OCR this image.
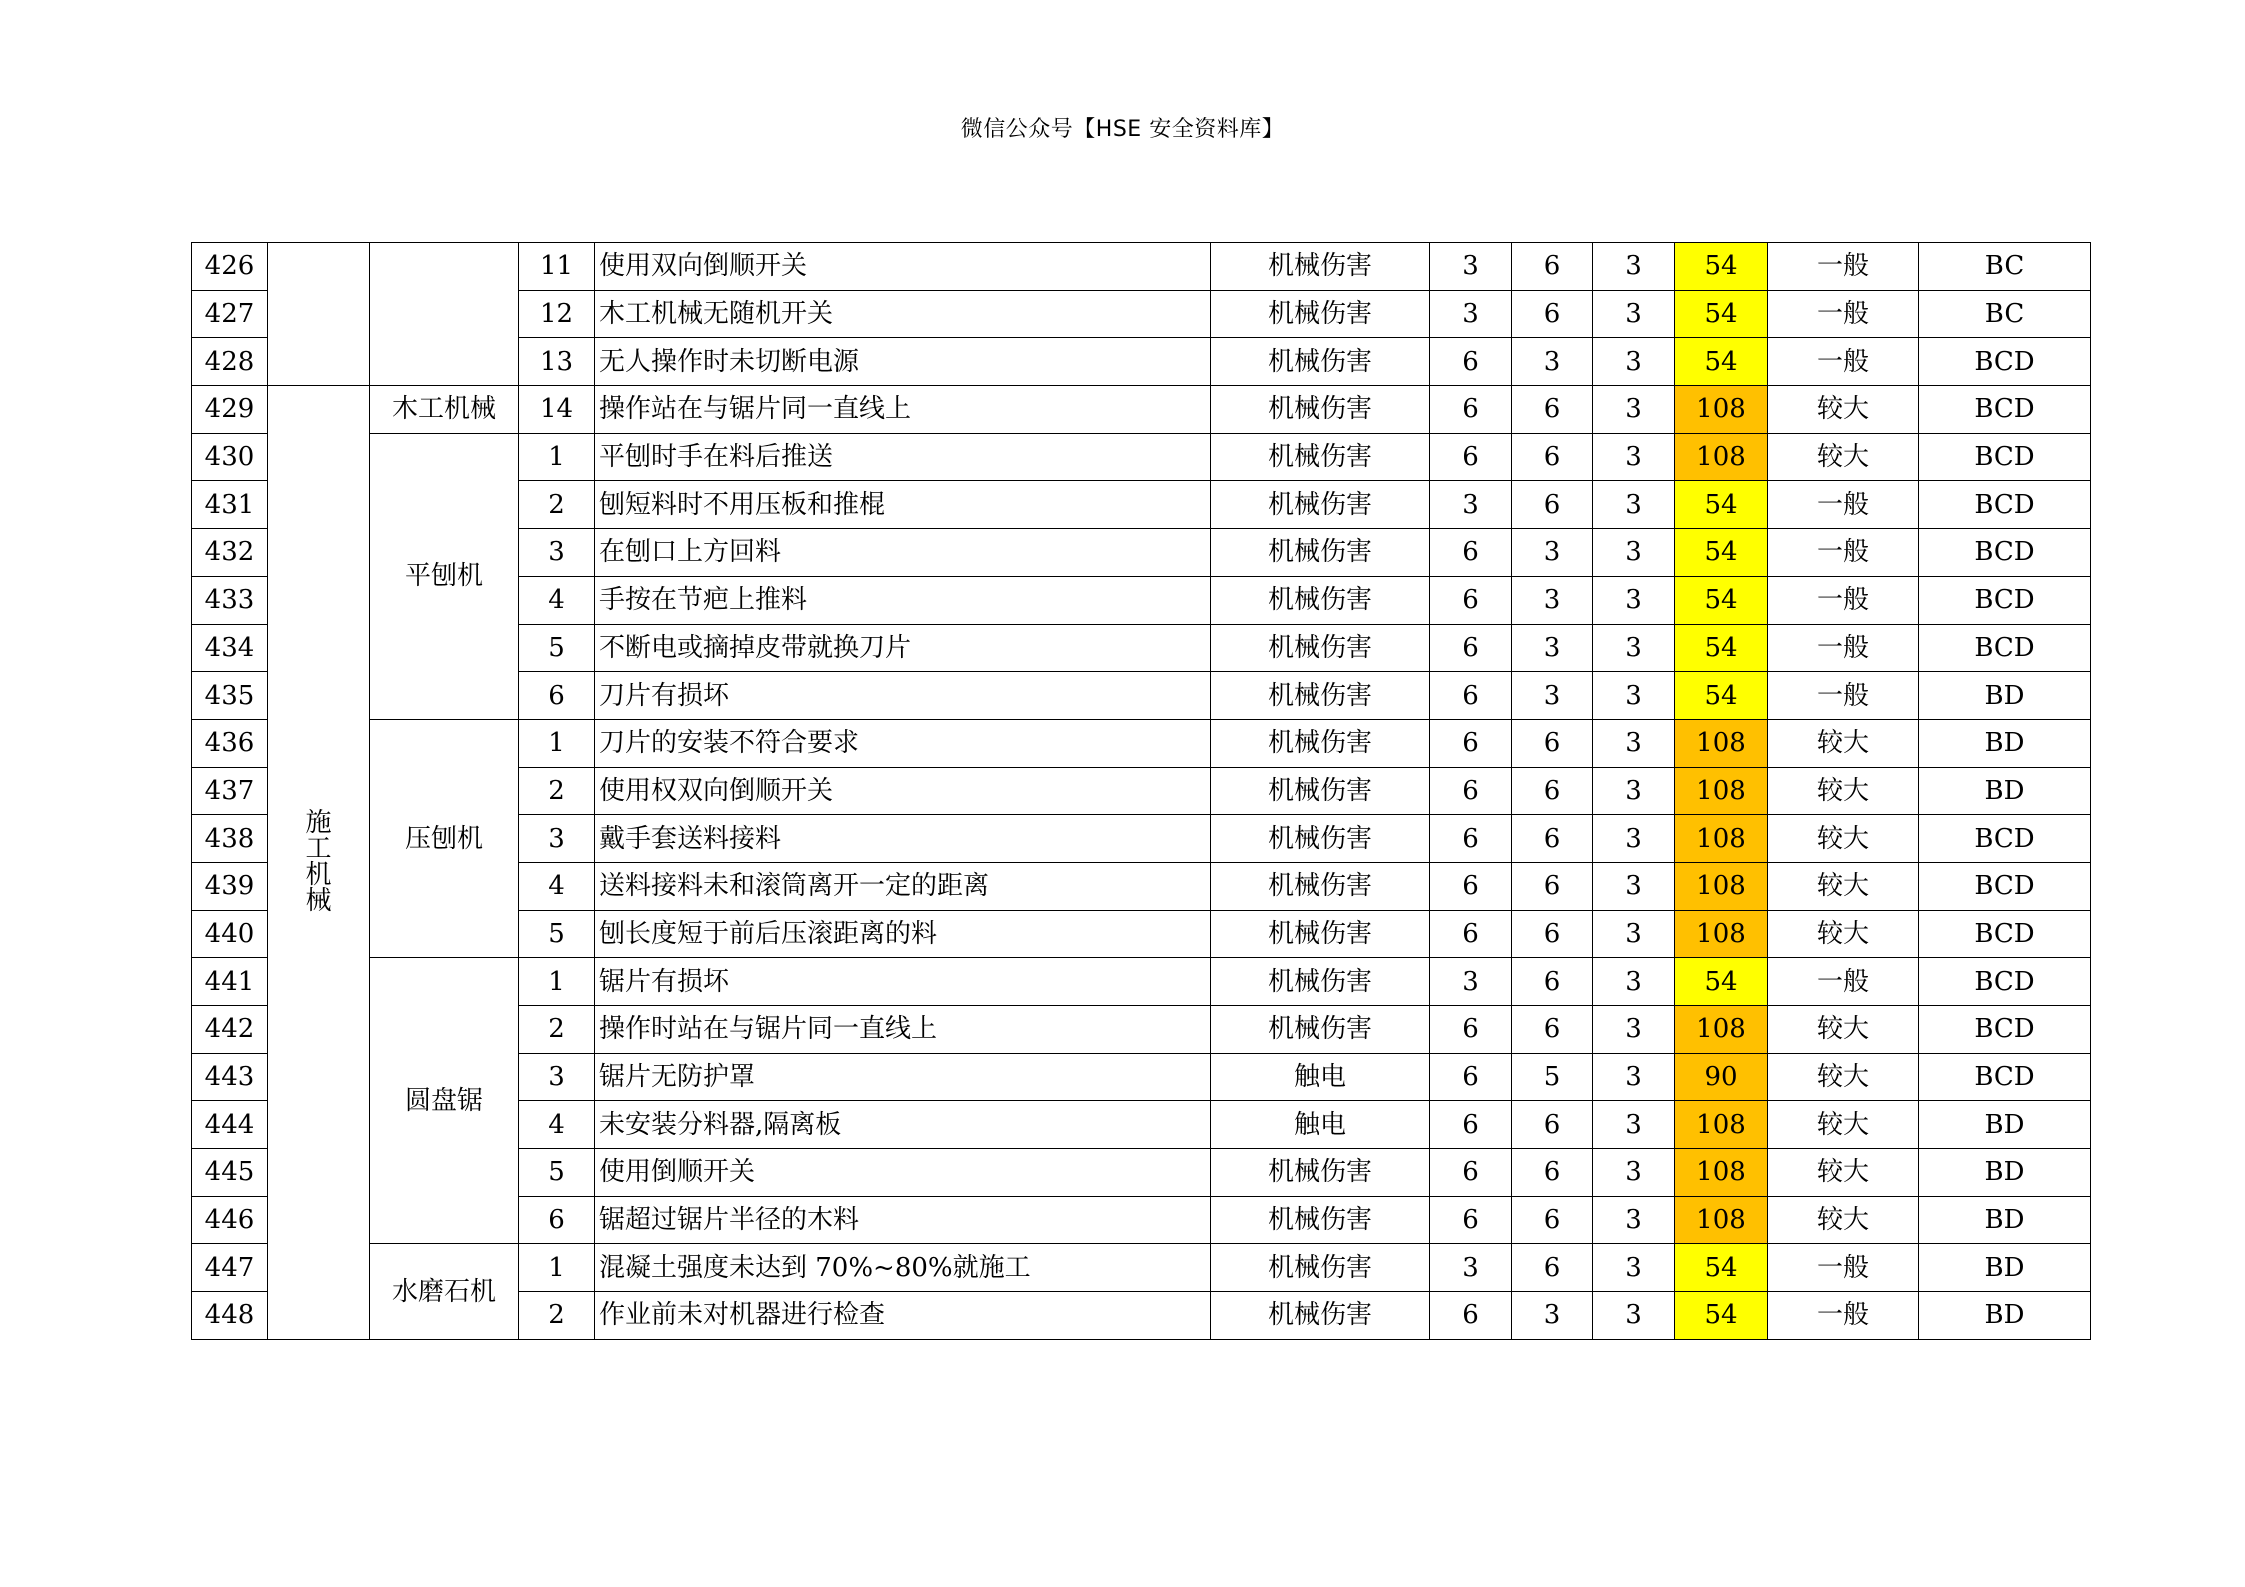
微信公众号【HSE 安全资料库】
426			11	使用双向倒顺开关	机械伤害	3	6	3	54	一般	BC
427			12	木工机械无随机开关	机械伤害	3	6	3	54	一般	BC
428			13	无人操作时未切断电源	机械伤害	6	3	3	54	一般	BCD
429	施工机械	木工机械	14	操作站在与锯片同一直线上	机械伤害	6	6	3	108	较大	BCD
430		平刨机	1	平刨时手在料后推送	机械伤害	6	6	3	108	较大	BCD
431			2	刨短料时不用压板和推棍	机械伤害	3	6	3	54	一般	BCD
432			3	在刨口上方回料	机械伤害	6	3	3	54	一般	BCD
433			4	手按在节疤上推料	机械伤害	6	3	3	54	一般	BCD
434			5	不断电或摘掉皮带就换刀片	机械伤害	6	3	3	54	一般	BCD
435			6	刀片有损坏	机械伤害	6	3	3	54	一般	BD
436		压刨机	1	刀片的安装不符合要求	机械伤害	6	6	3	108	较大	BD
437			2	使用权双向倒顺开关	机械伤害	6	6	3	108	较大	BD
438			3	戴手套送料接料	机械伤害	6	6	3	108	较大	BCD
439			4	送料接料未和滚筒离开一定的距离	机械伤害	6	6	3	108	较大	BCD
440			5	刨长度短于前后压滚距离的料	机械伤害	6	6	3	108	较大	BCD
441		圆盘锯	1	锯片有损坏	机械伤害	3	6	3	54	一般	BCD
442			2	操作时站在与锯片同一直线上	机械伤害	6	6	3	108	较大	BCD
443			3	锯片无防护罩	触电	6	5	3	90	较大	BCD
444			4	未安装分料器,隔离板	触电	6	6	3	108	较大	BD
445			5	使用倒顺开关	机械伤害	6	6	3	108	较大	BD
446			6	锯超过锯片半径的木料	机械伤害	6	6	3	108	较大	BD
447		水磨石机	1	混凝土强度未达到 70%~80%就施工	机械伤害	3	6	3	54	一般	BD
448			2	作业前未对机器进行检查	机械伤害	6	3	3	54	一般	BD
